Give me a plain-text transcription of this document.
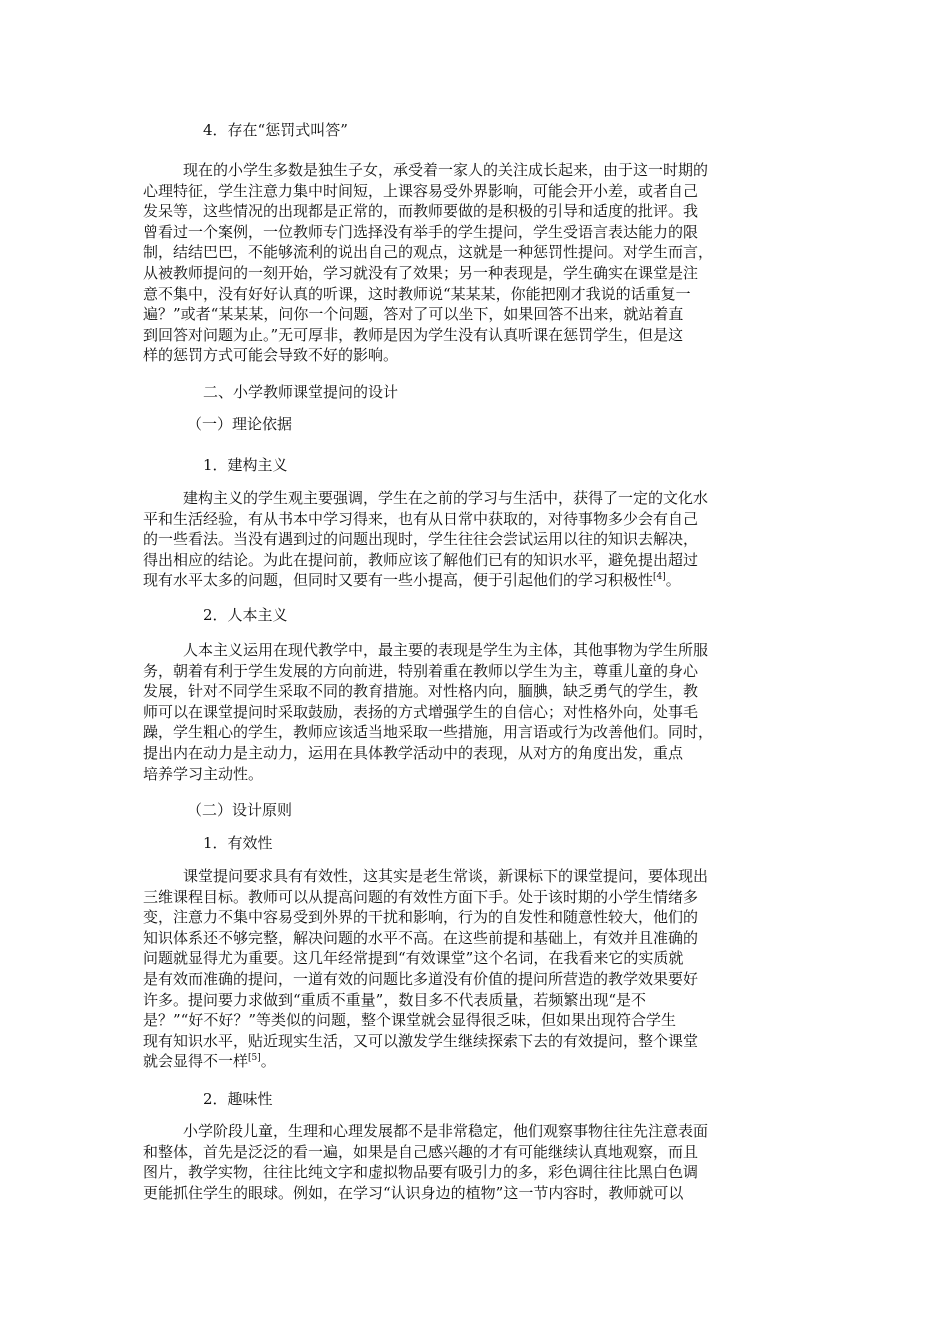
4．存在“惩罚式叫答”
现在的小学生多数是独生子女，承受着一家人的关注成长起来，由于这一时期的
心理特征，学生注意力集中时间短，上课容易受外界影响，可能会开小差，或者自己
发呆等，这些情况的出现都是正常的，而教师要做的是积极的引导和适度的批评。我
曾看过一个案例，一位教师专门选择没有举手的学生提问，学生受语言表达能力的限
制，结结巴巴，不能够流利的说出自己的观点，这就是一种惩罚性提问。对学生而言，
从被教师提问的一刻开始，学习就没有了效果；另一种表现是，学生确实在课堂是注
意不集中，没有好好认真的听课，这时教师说“某某某，你能把刚才我说的话重复一
遍？”或者“某某某，问你一个问题，答对了可以坐下，如果回答不出来，就站着直
到回答对问题为止。”无可厚非，教师是因为学生没有认真听课在惩罚学生，但是这
样的惩罚方式可能会导致不好的影响。
二、小学教师课堂提问的设计
（一）理论依据
1．建构主义
建构主义的学生观主要强调，学生在之前的学习与生活中，获得了一定的文化水
平和生活经验，有从书本中学习得来，也有从日常中获取的，对待事物多少会有自己
的一些看法。当没有遇到过的问题出现时，学生往往会尝试运用以往的知识去解决，
得出相应的结论。为此在提问前，教师应该了解他们已有的知识水平，避免提出超过
现有水平太多的问题，但同时又要有一些小提高，便于引起他们的学习积极性[4]。
2．人本主义
人本主义运用在现代教学中，最主要的表现是学生为主体，其他事物为学生所服
务，朝着有利于学生发展的方向前进，特别着重在教师以学生为主，尊重儿童的身心
发展，针对不同学生采取不同的教育措施。对性格内向，腼腆，缺乏勇气的学生，教
师可以在课堂提问时采取鼓励，表扬的方式增强学生的自信心；对性格外向，处事毛
躁，学生粗心的学生，教师应该适当地采取一些措施，用言语或行为改善他们。同时，
提出内在动力是主动力，运用在具体教学活动中的表现，从对方的角度出发，重点
培养学习主动性。
（二）设计原则
1．有效性
课堂提问要求具有有效性，这其实是老生常谈，新课标下的课堂提问，要体现出
三维课程目标。教师可以从提高问题的有效性方面下手。处于该时期的小学生情绪多
变，注意力不集中容易受到外界的干扰和影响，行为的自发性和随意性较大，他们的
知识体系还不够完整，解决问题的水平不高。在这些前提和基础上，有效并且准确的
问题就显得尤为重要。这几年经常提到“有效课堂”这个名词，在我看来它的实质就
是有效而准确的提问，一道有效的问题比多道没有价值的提问所营造的教学效果要好
许多。提问要力求做到“重质不重量”，数目多不代表质量，若频繁出现“是不
是？”“好不好？”等类似的问题，整个课堂就会显得很乏味，但如果出现符合学生
现有知识水平，贴近现实生活，又可以激发学生继续探索下去的有效提问，整个课堂
就会显得不一样[5]。
2．趣味性
小学阶段儿童，生理和心理发展都不是非常稳定，他们观察事物往往先注意表面
和整体，首先是泛泛的看一遍，如果是自己感兴趣的才有可能继续认真地观察，而且
图片，教学实物，往往比纯文字和虚拟物品要有吸引力的多，彩色调往往比黑白色调
更能抓住学生的眼球。例如，在学习“认识身边的植物”这一节内容时，教师就可以
